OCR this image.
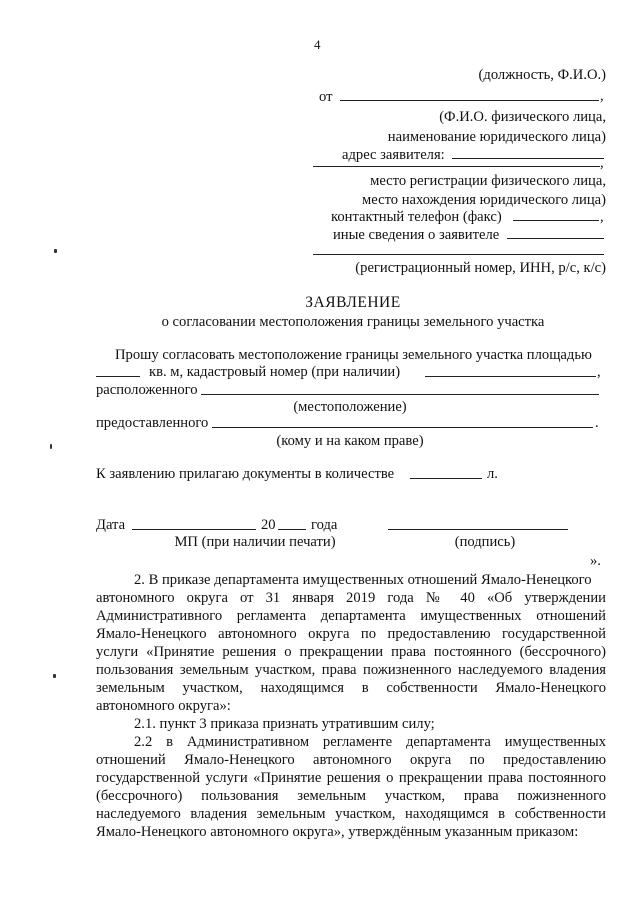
4
(должность, Ф.И.О.)
от	,
(Ф.И.О. физического лица,
наименование юридического лица)
адрес заявителя:	,
место регистрации физического лица,
место нахождения юридического лица)
контактный телефон (факс)	,
иные сведения о заявителе
(регистрационный номер, ИНН, р/с, к/с)
ЗАЯВЛЕНИЕ
о согласовании местоположения границы земельного участка
Прошу согласовать местоположение границы земельного участка площадью
кв. м, кадастровый номер (при наличии)	,
расположенного
(местоположение)
предоставленного	.
(кому и на каком праве)
К заявлению прилагаю документы в количестве	л.
Дата	20 года
МП (при наличии печати)	(подпись)
».
2. В приказе департамента имущественных отношений Ямало-Ненецкого
автономного округа от 31 января 2019 года № 40 «Об утверждении
Административного регламента департамента имущественных отношений
Ямало-Ненецкого автономного округа по предоставлению государственной
услуги «Принятие решения о прекращении права постоянного (бессрочного)
пользования земельным участком, права пожизненного наследуемого владения
земельным участком, находящимся в собственности Ямало-Ненецкого
автономного округа»:
2.1. пункт 3 приказа признать утратившим силу;
2.2 в Административном регламенте департамента имущественных
отношений Ямало-Ненецкого автономного округа по предоставлению
государственной услуги «Принятие решения о прекращении права постоянного
(бессрочного) пользования земельным участком, права пожизненного
наследуемого владения земельным участком, находящимся в собственности
Ямало-Ненецкого автономного округа», утверждённым указанным приказом:
